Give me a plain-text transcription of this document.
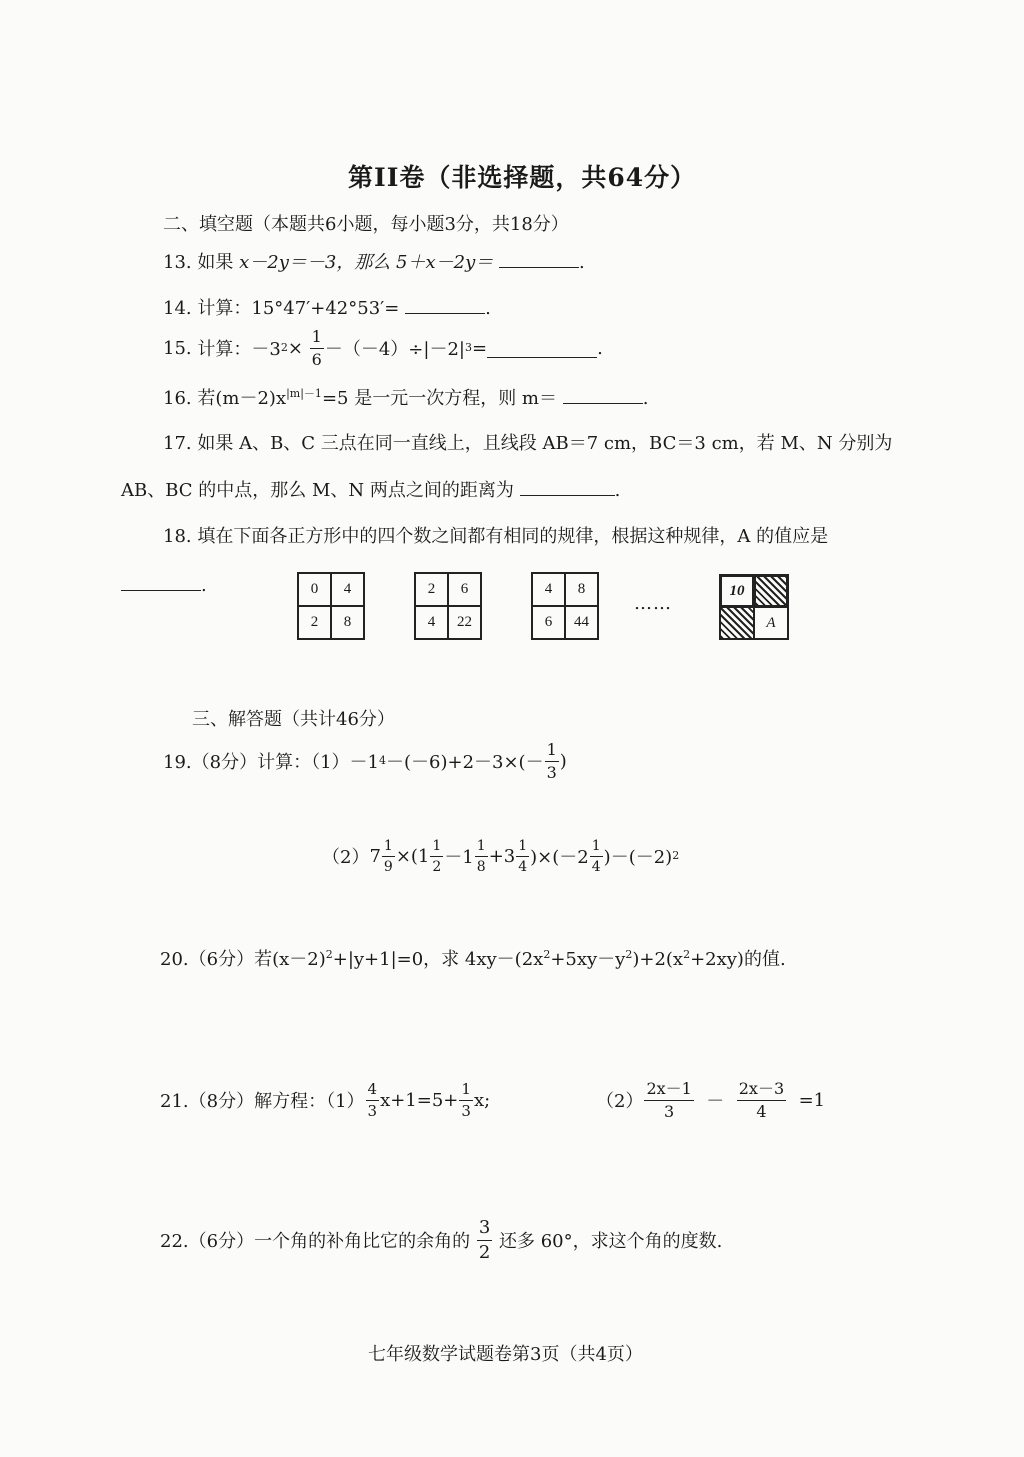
第II卷（非选择题，共64分）
二、填空题（本题共6小题，每小题3分，共18分）
13. 如果 x－2y＝－3，那么 5＋x－2y＝	.
14. 计算：15°47′+42°53′=	.
15.
计算：－3 2 ×
$\frac{1}{6} -(-4)\div|-2|$ 3 =	.
16. 若$(m-2)x^{|m|-1}=5$ 是一元一次方程，则 m＝	.
17. 如果 A、B、C 三点在同一直线上，且线段 AB＝7 cm，BC＝3 cm，若 M、N 分别为
AB、BC 的中点，那么 M、N 两点之间的距离为	.
18. 填在下面各正方形中的四个数之间都有相同的规律，根据这种规律，A 的值应是
.	0	4
2	8
2	6
4	22
4	8
6	44
……
10
A
三、解答题（共计46分）
19.（8分）计算：（1）－1 $4 -(-6)+2-3\times(- \frac{1}{3}$ )
（2） $7 \frac{1}{9} \times(1 \frac{1}{2} -1 \frac{1}{8} +3 \frac{1}{4} )\times(-2 \frac{1}{4} )-(-2)$ 2
20.（6分）若$(x-2)^2+|y+1|=0$，求 $4xy-(2x^2+5xy-y^2)+2(x^2+2xy)$的值.
21.（8分）解方程：$(1) \frac{4}{3} x+1=5+ \frac{1}{3} x$;	$(2) \frac{2x-1}{3}$
－
$\frac{2x-3}{4}$
=1
22.（6分）一个角的补角比它的余角的
$\frac{3}{2}$
还多 60°，求这个角的度数.
七年级数学试题卷第3页（共4页）
